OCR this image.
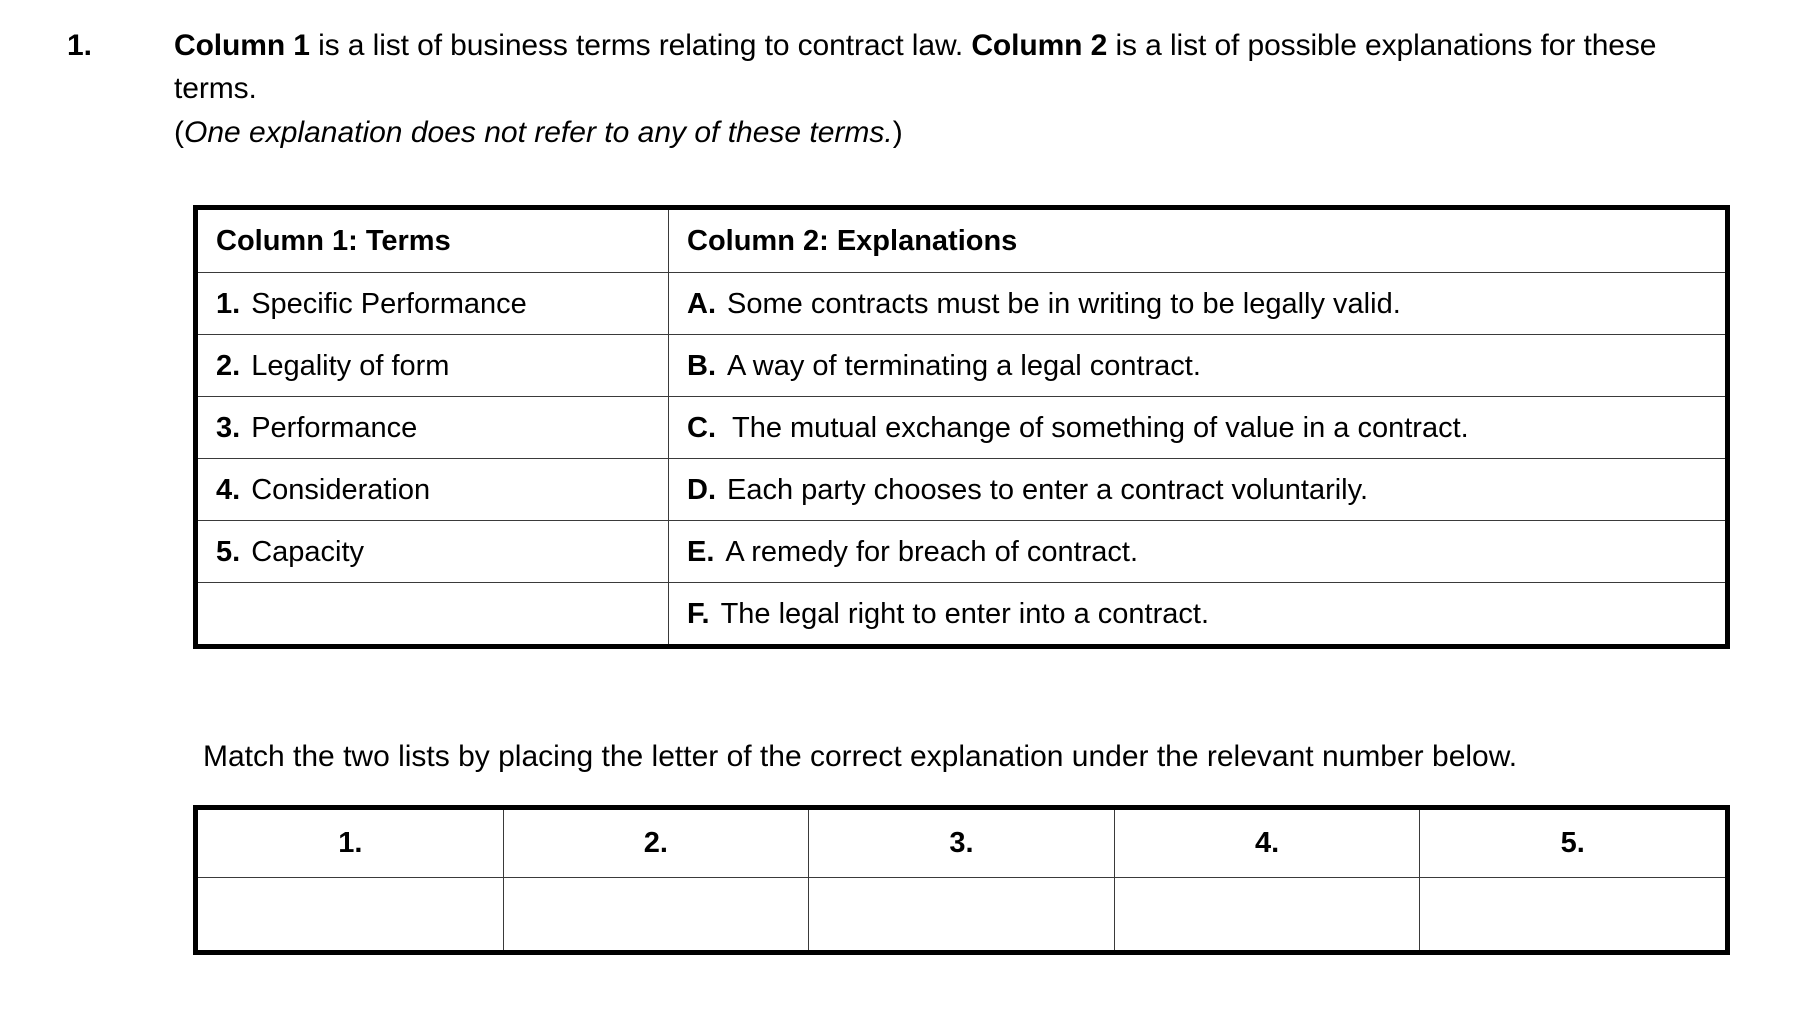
1.	Column 1 is a list of business terms relating to contract law. Column 2 is a list of possible explanations for these terms.
(One explanation does not refer to any of these terms.)
Column 1: Terms	Column 2: Explanations

1. Specific Performance	A. Some contracts must be in writing to be legally valid.

2. Legality of form	B. A way of terminating a legal contract.

3. Performance	C. The mutual exchange of something of value in a contract.

4. Consideration	D. Each party chooses to enter a contract voluntarily.

5. Capacity	E. A remedy for breach of contract.

	F. The legal right to enter into a contract.
Match the two lists by placing the letter of the correct explanation under the relevant number below.
1.	2.	3.	4.	5.
